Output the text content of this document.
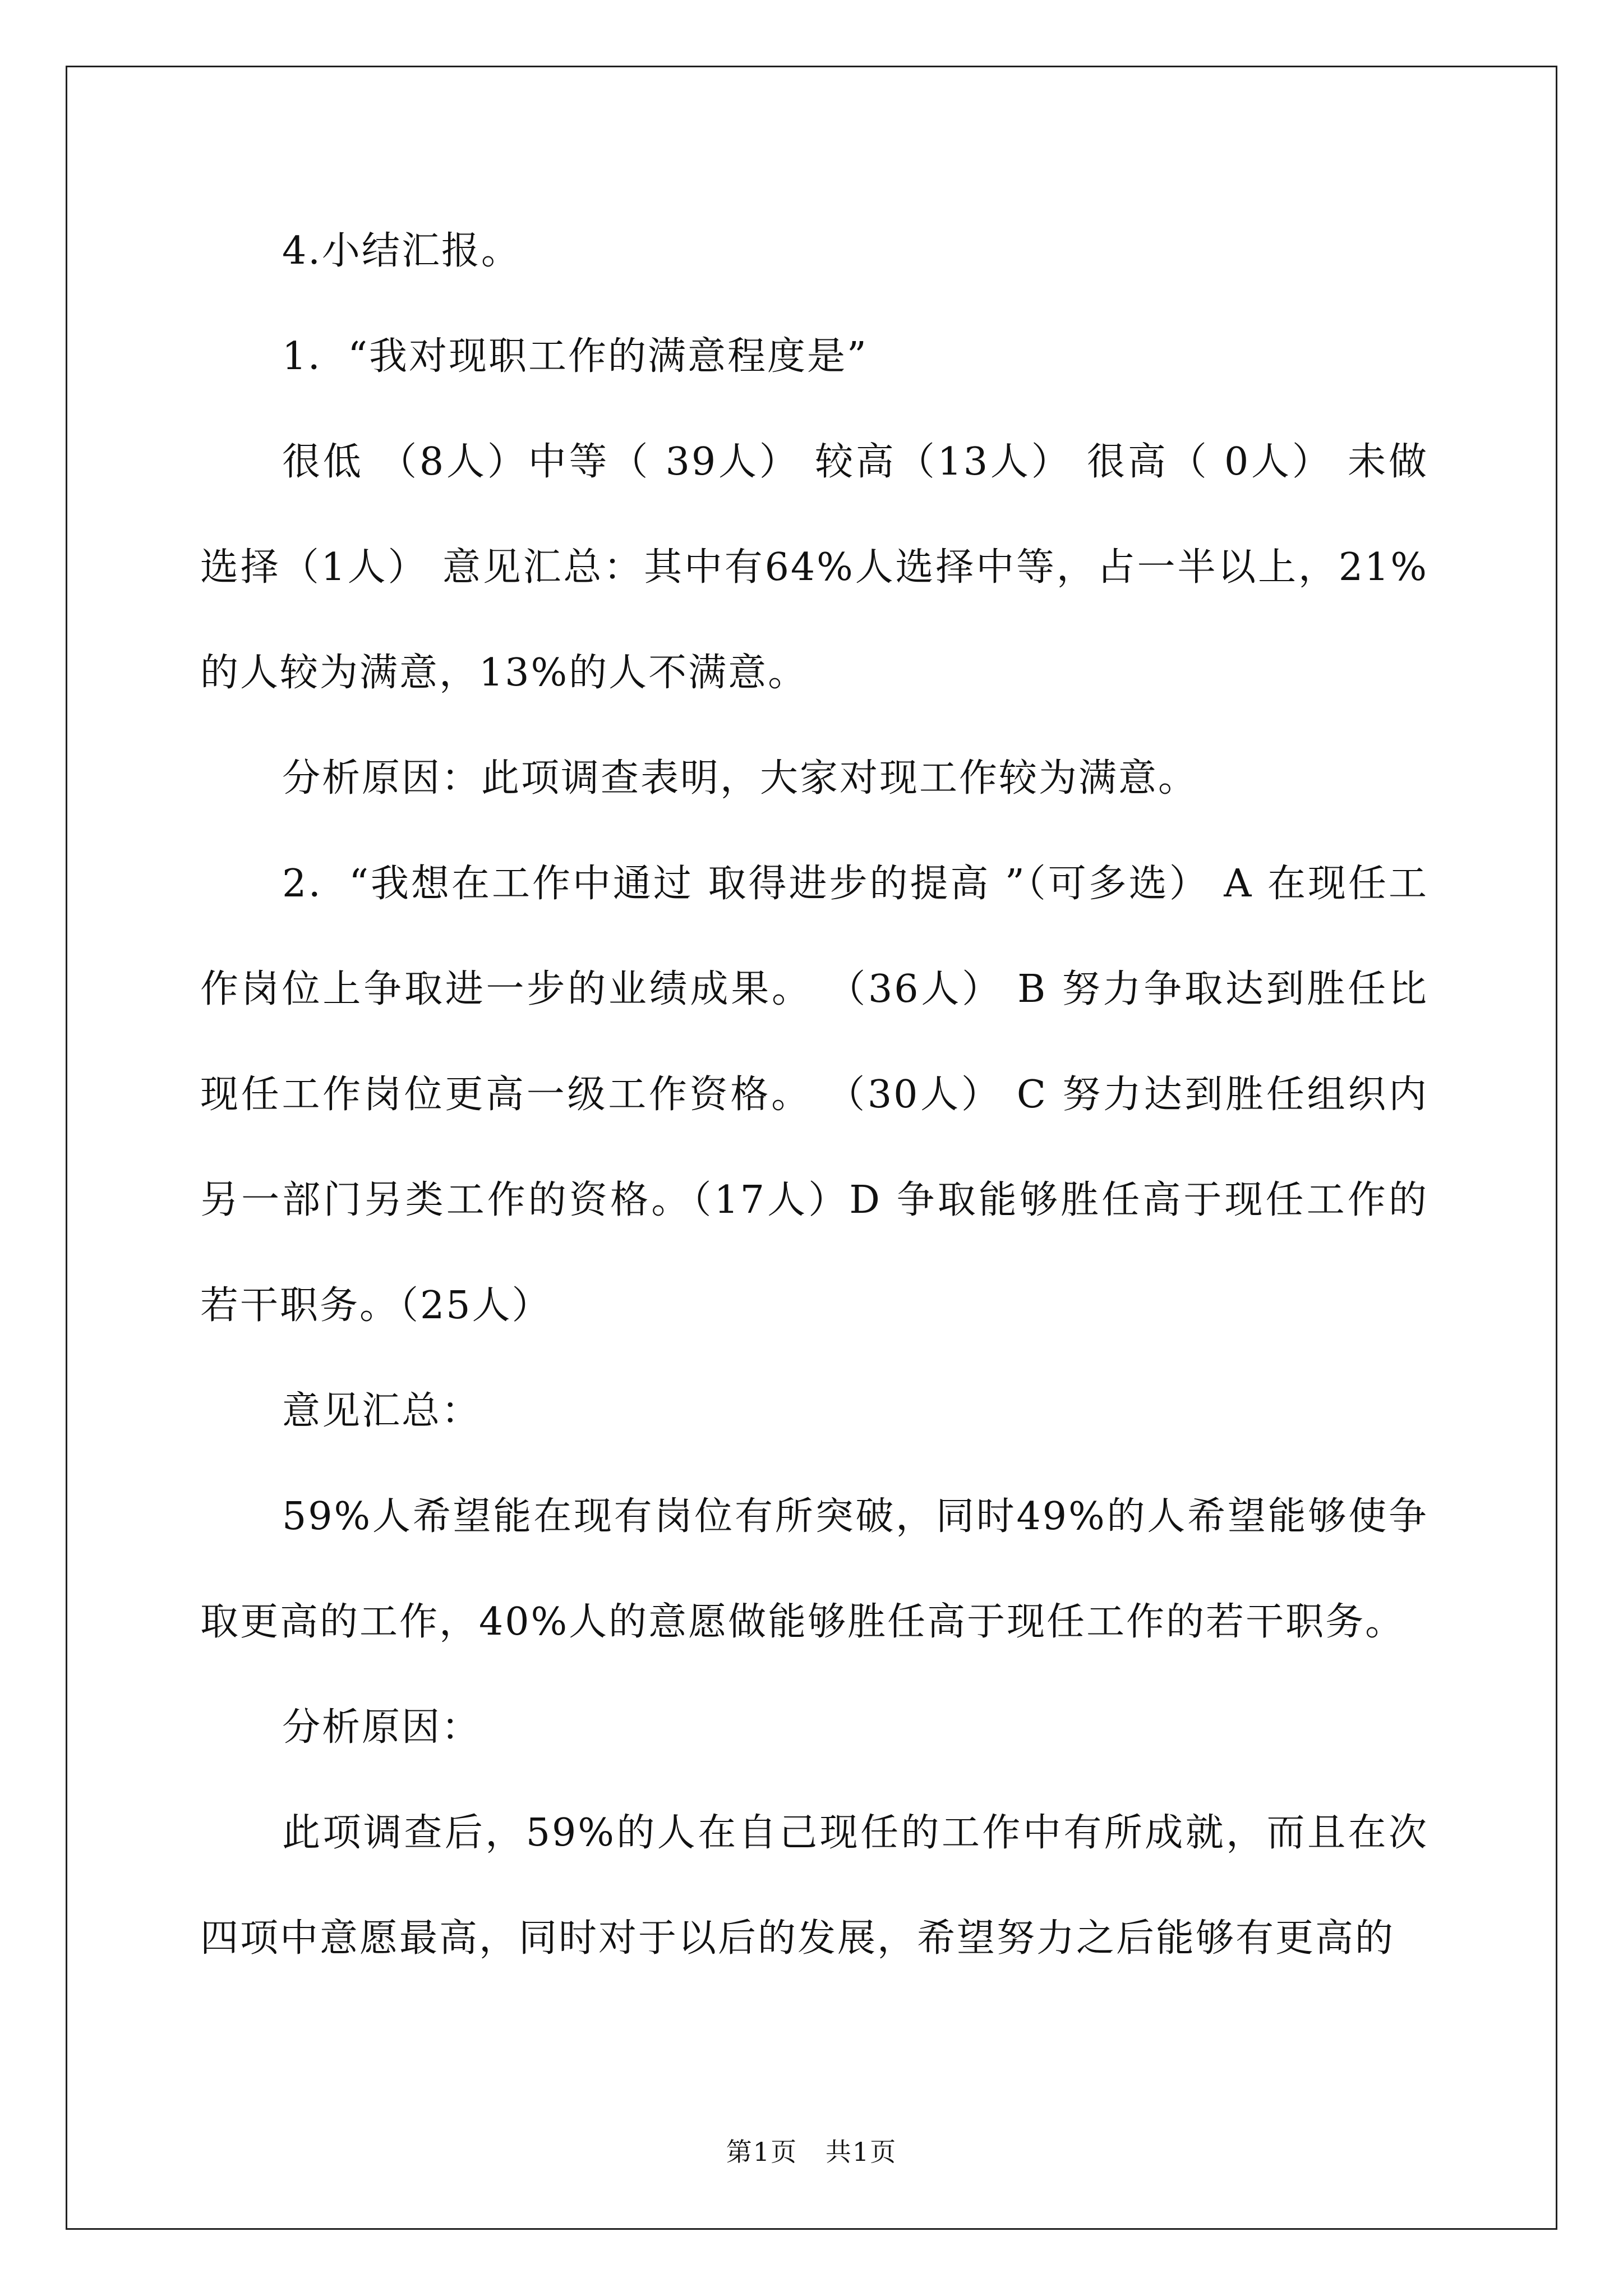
4.小结汇报。

1．“我对现职工作的满意程度是”

很低 （8人）中等（ 39人） 较高（13人） 很高（ 0人） 未做选择（1人） 意见汇总：其中有64%人选择中等，占一半以上，21%的人较为满意，13%的人不满意。

分析原因：此项调查表明，大家对现工作较为满意。

2．“我想在工作中通过 取得进步的提高 ”（可多选） A 在现任工作岗位上争取进一步的业绩成果。 （36人） B 努力争取达到胜任比现任工作岗位更高一级工作资格。 （30人） C 努力达到胜任组织内另一部门另类工作的资格。（17人）D 争取能够胜任高于现任工作的若干职务。（25人）

意见汇总：

59%人希望能在现有岗位有所突破，同时49%的人希望能够使争取更高的工作，40%人的意愿做能够胜任高于现任工作的若干职务。

分析原因：

此项调查后，59%的人在自己现任的工作中有所成就，而且在次四项中意愿最高，同时对于以后的发展，希望努力之后能够有更高的

第1页   共1页
